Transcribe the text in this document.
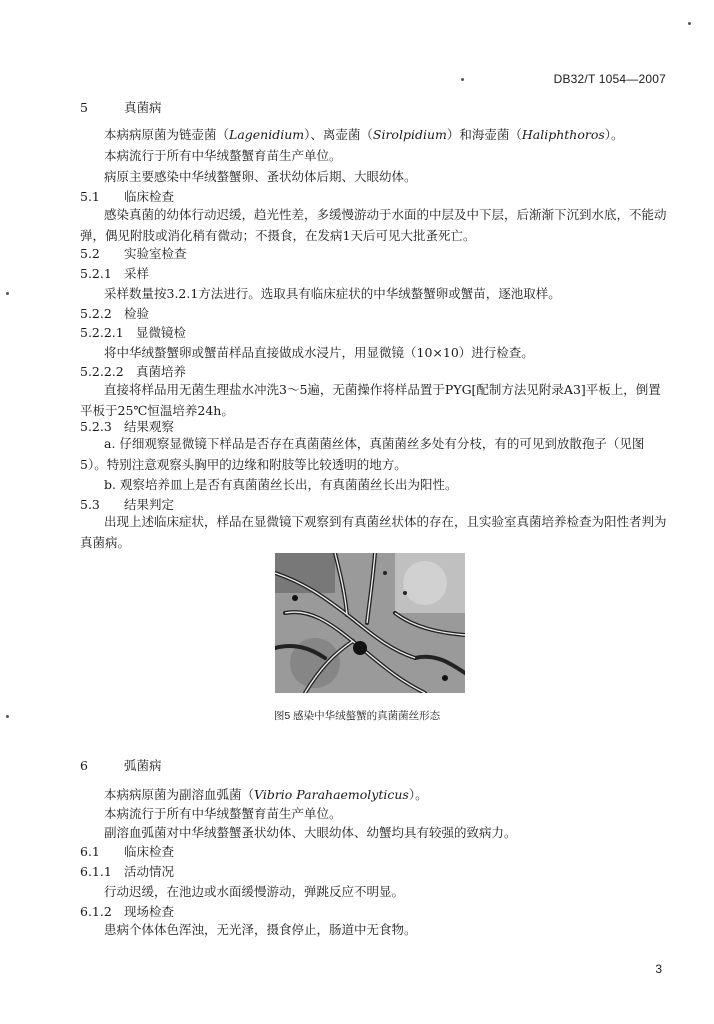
DB32/T 1054—2007
5	真菌病
本病病原菌为链壶菌（Lagenidium）、离壶菌（Sirolpidium）和海壶菌（Haliphthoros）。
本病流行于所有中华绒螯蟹育苗生产单位。
病原主要感染中华绒螯蟹卵、蚤状幼体后期、大眼幼体。
5.1 临床检查
感染真菌的幼体行动迟缓，趋光性差，多缓慢游动于水面的中层及中下层，后渐渐下沉到水底，不能动弹，偶见附肢或消化稍有微动；不摄食，在发病1天后可见大批蚤死亡。
5.2 实验室检查
5.2.1 采样
采样数量按3.2.1方法进行。选取具有临床症状的中华绒螯蟹卵或蟹苗，逐池取样。
5.2.2 检验
5.2.2.1 显微镜检
将中华绒螯蟹卵或蟹苗样品直接做成水浸片，用显微镜（10×10）进行检查。
5.2.2.2 真菌培养
直接将样品用无菌生理盐水冲洗3～5遍，无菌操作将样品置于PYG[配制方法见附录A3]平板上，倒置平板于25℃恒温培养24h。
5.2.3 结果观察
a. 仔细观察显微镜下样品是否存在真菌菌丝体，真菌菌丝多处有分枝，有的可见到放散孢子（见图5）。特别注意观察头胸甲的边缘和附肢等比较透明的地方。
b. 观察培养皿上是否有真菌菌丝长出，有真菌菌丝长出为阳性。
5.3 结果判定
出现上述临床症状，样品在显微镜下观察到有真菌丝状体的存在，且实验室真菌培养检查为阳性者判为真菌病。
图5 感染中华绒螯蟹的真菌菌丝形态
6	弧菌病
本病病原菌为副溶血弧菌（Vibrio Parahaemolyticus）。
本病流行于所有中华绒螯蟹育苗生产单位。
副溶血弧菌对中华绒螯蟹蚤状幼体、大眼幼体、幼蟹均具有较强的致病力。
6.1 临床检查
6.1.1 活动情况
行动迟缓，在池边或水面缓慢游动，弹跳反应不明显。
6.1.2 现场检查
患病个体体色浑浊，无光泽，摄食停止，肠道中无食物。
3
